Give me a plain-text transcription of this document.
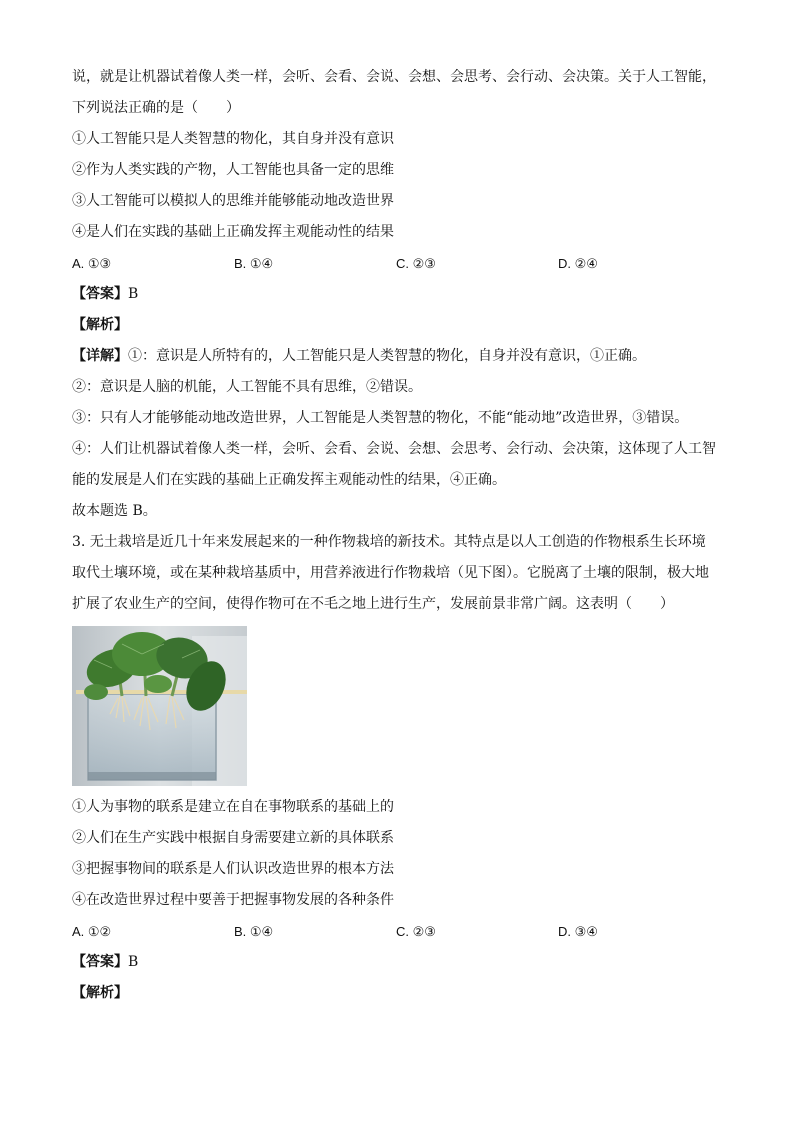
说，就是让机器试着像人类一样，会听、会看、会说、会想、会思考、会行动、会决策。关于人工智能，
下列说法正确的是（　　）
①人工智能只是人类智慧的物化，其自身并没有意识
②作为人类实践的产物，人工智能也具备一定的思维
③人工智能可以模拟人的思维并能够能动地改造世界
④是人们在实践的基础上正确发挥主观能动性的结果
A. ①③	B. ①④	C. ②③	D. ②④
【答案】B
【解析】
【详解】①：意识是人所特有的，人工智能只是人类智慧的物化，自身并没有意识，①正确。
②：意识是人脑的机能，人工智能不具有思维，②错误。
③：只有人才能够能动地改造世界，人工智能是人类智慧的物化，不能“能动地”改造世界，③错误。
④：人们让机器试着像人类一样，会听、会看、会说、会想、会思考、会行动、会决策，这体现了人工智
能的发展是人们在实践的基础上正确发挥主观能动性的结果，④正确。
故本题选 B。
3. 无土栽培是近几十年来发展起来的一种作物栽培的新技术。其特点是以人工创造的作物根系生长环境
取代土壤环境，或在某种栽培基质中，用营养液进行作物栽培（见下图）。它脱离了土壤的限制，极大地
扩展了农业生产的空间，使得作物可在不毛之地上进行生产，发展前景非常广阔。这表明（　　）
①人为事物的联系是建立在自在事物联系的基础上的
②人们在生产实践中根据自身需要建立新的具体联系
③把握事物间的联系是人们认识改造世界的根本方法
④在改造世界过程中要善于把握事物发展的各种条件
A. ①②	B. ①④	C. ②③	D. ③④
【答案】B
【解析】
